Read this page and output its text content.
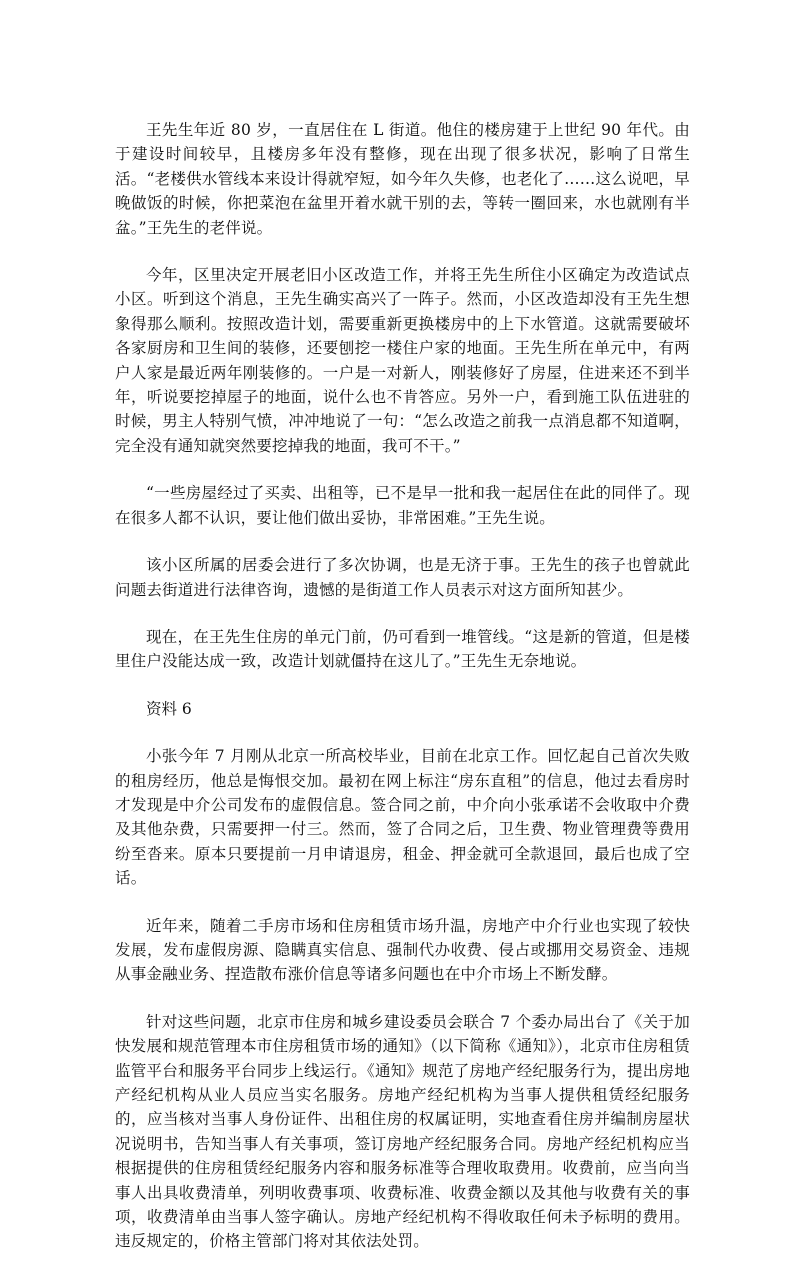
王先生年近 80 岁，一直居住在 L 街道。他住的楼房建于上世纪 90 年代。由于建设时间较早，且楼房多年没有整修，现在出现了很多状况，影响了日常生活。“老楼供水管线本来设计得就窄短，如今年久失修，也老化了……这么说吧，早晚做饭的时候，你把菜泡在盆里开着水就干别的去，等转一圈回来，水也就刚有半盆。”王先生的老伴说。

今年，区里决定开展老旧小区改造工作，并将王先生所住小区确定为改造试点小区。听到这个消息，王先生确实高兴了一阵子。然而，小区改造却没有王先生想象得那么顺利。按照改造计划，需要重新更换楼房中的上下水管道。这就需要破坏各家厨房和卫生间的装修，还要刨挖一楼住户家的地面。王先生所在单元中，有两户人家是最近两年刚装修的。一户是一对新人，刚装修好了房屋，住进来还不到半年，听说要挖掉屋子的地面，说什么也不肯答应。另外一户，看到施工队伍进驻的时候，男主人特别气愤，冲冲地说了一句：“怎么改造之前我一点消息都不知道啊，完全没有通知就突然要挖掉我的地面，我可不干。”

“一些房屋经过了买卖、出租等，已不是早一批和我一起居住在此的同伴了。现在很多人都不认识，要让他们做出妥协，非常困难。”王先生说。

该小区所属的居委会进行了多次协调，也是无济于事。王先生的孩子也曾就此问题去街道进行法律咨询，遗憾的是街道工作人员表示对这方面所知甚少。

现在，在王先生住房的单元门前，仍可看到一堆管线。“这是新的管道，但是楼里住户没能达成一致，改造计划就僵持在这儿了。”王先生无奈地说。

资料 6

小张今年 7 月刚从北京一所高校毕业，目前在北京工作。回忆起自己首次失败的租房经历，他总是悔恨交加。最初在网上标注“房东直租”的信息，他过去看房时才发现是中介公司发布的虚假信息。签合同之前，中介向小张承诺不会收取中介费及其他杂费，只需要押一付三。然而，签了合同之后，卫生费、物业管理费等费用纷至沓来。原本只要提前一月申请退房，租金、押金就可全款退回，最后也成了空话。

近年来，随着二手房市场和住房租赁市场升温，房地产中介行业也实现了较快发展，发布虚假房源、隐瞒真实信息、强制代办收费、侵占或挪用交易资金、违规从事金融业务、捏造散布涨价信息等诸多问题也在中介市场上不断发酵。

针对这些问题，北京市住房和城乡建设委员会联合 7 个委办局出台了《关于加快发展和规范管理本市住房租赁市场的通知》（以下简称《通知》），北京市住房租赁监管平台和服务平台同步上线运行。《通知》规范了房地产经纪服务行为，提出房地产经纪机构从业人员应当实名服务。房地产经纪机构为当事人提供租赁经纪服务的，应当核对当事人身份证件、出租住房的权属证明，实地查看住房并编制房屋状况说明书，告知当事人有关事项，签订房地产经纪服务合同。房地产经纪机构应当根据提供的住房租赁经纪服务内容和服务标准等合理收取费用。收费前，应当向当事人出具收费清单，列明收费事项、收费标准、收费金额以及其他与收费有关的事项，收费清单由当事人签字确认。房地产经纪机构不得收取任何未予标明的费用。违反规定的，价格主管部门将对其依法处罚。
